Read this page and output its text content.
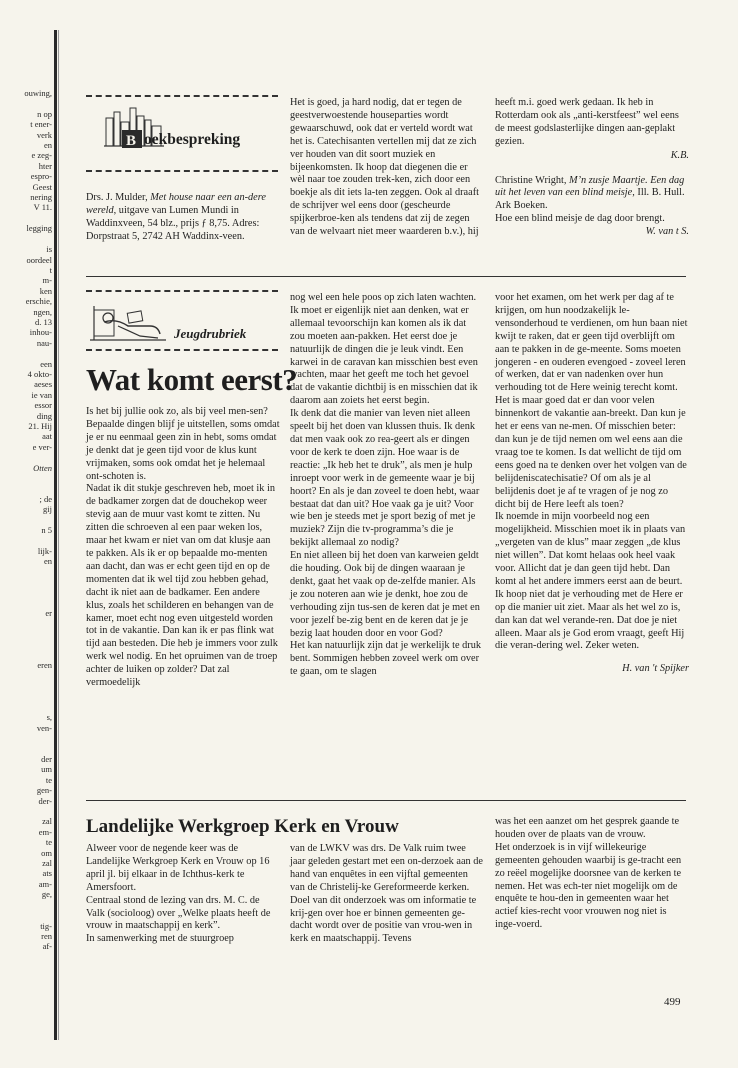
ouwing,

n op
t ener-
verk
en
e zeg-
hter
espro-
Geest
nering
V 11.

legging

is
oordeel
t
m-
ken
erschie,
ngen,
d. 13
inhou-
nau-

een
4 okto-
aeses
ie van
essor
ding
21. Hij
aat
e ver-

Otten

; de
gij

n 5

lijk-
en

er

eren

s,
ven-

der
um
te
gen-
der-

zal
em-
te
om
zal
ats
am-
ge,

tig-
ren
af-
B oekbespreking

Drs. J. Mulder, Met house naar een an-dere wereld, uitgave van Lumen Mundi in Waddinxveen, 54 blz., prijs ƒ 8,75. Adres: Dorpstraat 5, 2742 AH Waddinx-veen.

Het is goed, ja hard nodig, dat er tegen de geestverwoestende houseparties wordt gewaarschuwd, ook dat er verteld wordt wat het is. Catechisanten vertellen mij dat ze zich ver houden van dit soort muziek en bijeenkomsten. Ik hoop dat diegenen die er wèl naar toe zouden trek-ken, zich door een boekje als dit iets la-ten zeggen. Ook al draaft de schrijver wel eens door (gescheurde spijkerbroe-ken als tendens dat zij de zegen van de welvaart niet meer waarderen b.v.), hij

heeft m.i. goed werk gedaan. Ik heb in Rotterdam ook als „anti-kerstfeest” wel eens de meest godslasterlijke dingen aan-geplakt gezien.

K.B.

Christine Wright, M’n zusje Maartje. Een dag uit het leven van een blind meisje, Ill. B. Hull. Ark Boeken.

Hoe een blind meisje de dag door brengt.

W. van t S.

Jeugdrubriek
Wat komt eerst?

Is het bij jullie ook zo, als bij veel men-sen? Bepaalde dingen blijf je uitstellen, soms omdat je er nu eenmaal geen zin in hebt, soms omdat je denkt dat je geen tijd voor de klus kunt vrijmaken, soms ook omdat het je helemaal ont-schoten is.

Nadat ik dit stukje geschreven heb, moet ik in de badkamer zorgen dat de douchekop weer stevig aan de muur vast komt te zitten. Nu zitten die schroeven al een paar weken los, maar het kwam er niet van om dat klusje aan te pakken. Als ik er op bepaalde mo-menten aan dacht, dan was er echt geen tijd en op de momenten dat ik wel tijd zou hebben gehad, dacht ik niet aan de badkamer. Een andere klus, zoals het schilderen en behangen van de kamer, moet echt nog even uitgesteld worden tot in de vakantie. Dan kan ik er pas flink wat tijd aan besteden. Die heb je immers voor zulk werk wel nodig. En het opruimen van de troep achter de luiken op zolder? Dat zal vermoedelijk

nog wel een hele poos op zich laten wachten. Ik moet er eigenlijk niet aan denken, wat er allemaal tevoorschijn kan komen als ik dat zou moeten aan-pakken. Het eerst doe je natuurlijk de dingen die je leuk vindt. Een karwei in de caravan kan misschien best even wachten, maar het geeft me toch het gevoel dat de vakantie dichtbij is en misschien dat ik daarom aan zoiets het eerst begin.

Ik denk dat die manier van leven niet alleen speelt bij het doen van klussen thuis. Ik denk dat men vaak ook zo rea-geert als er dingen voor de kerk te doen zijn. Hoe waar is de reactie: „Ik heb het te druk”, als men je hulp inroept voor werk in de gemeente waar je bij hoort? En als je dan zoveel te doen hebt, waar bestaat dat dan uit? Hoe vaak ga je uit? Voor wie ben je steeds met je sport bezig of met je muziek? Zijn die tv-programma’s die je bekijkt allemaal zo nodig?

En niet alleen bij het doen van karweien geldt die houding. Ook bij de dingen waaraan je denkt, gaat het vaak op de-zelfde manier. Als je zou noteren aan wie je denkt, hoe zou de verhouding zijn tus-sen de keren dat je met en voor jezelf be-zig bent en de keren dat je je bezig laat houden door en voor God?

Het kan natuurlijk zijn dat je werkelijk te druk bent. Sommigen hebben zoveel werk om over te gaan, om te slagen

voor het examen, om het werk per dag af te krijgen, om hun noodzakelijk le-vensonderhoud te verdienen, om hun baan niet kwijt te raken, dat er geen tijd overblijft om aan te pakken in de ge-meente. Soms moeten jongeren - en ouderen evengoed - zoveel leren of werken, dat er van nadenken over hun verhouding tot de Here weinig terecht komt. Het is maar goed dat er dan voor velen binnenkort de vakantie aan-breekt. Dan kun je het er eens van ne-men. Of misschien beter: dan kun je de tijd nemen om wel eens aan die vraag toe te komen. Is dat wellicht de tijd om eens goed na te denken over het volgen van de belijdeniscatechisatie? Of om als je al belijdenis doet je af te vragen of je nog zo dicht bij de Here leeft als toen?

Ik noemde in mijn voorbeeld nog een mogelijkheid. Misschien moet ik in plaats van „vergeten van de klus” maar zeggen „de klus niet willen”. Dat komt helaas ook heel vaak voor. Allicht dat je dan geen tijd hebt. Dan komt al het andere immers eerst aan de beurt. Ik hoop niet dat je verhouding met de Here er op die manier uit ziet. Maar als het wel zo is, dan kan dat wel verande-ren. Dat doe je niet alleen. Maar als je God erom vraagt, geeft Hij die veran-dering wel. Zeker weten.

H. van 't Spijker

Landelijke Werkgroep Kerk en Vrouw

Alweer voor de negende keer was de Landelijke Werkgroep Kerk en Vrouw op 16 april jl. bij elkaar in de Ichthus-kerk te Amersfoort.

Centraal stond de lezing van drs. M. C. de Valk (socioloog) over „Welke plaats heeft de vrouw in maatschappij en kerk”.

In samenwerking met de stuurgroep

van de LWKV was drs. De Valk ruim twee jaar geleden gestart met een on-derzoek aan de hand van enquêtes in een vijftal gemeenten van de Christelij-ke Gereformeerde kerken. Doel van dit onderzoek was om informatie te krij-gen over hoe er binnen gemeenten ge-dacht wordt over de positie van vrou-wen in kerk en maatschappij. Tevens

was het een aanzet om het gesprek gaande te houden over de plaats van de vrouw.

Het onderzoek is in vijf willekeurige gemeenten gehouden waarbij is ge-tracht een zo reëel mogelijke doorsnee van de kerken te nemen. Het was ech-ter niet mogelijk om de enquête te hou-den in gemeenten waar het actief kies-recht voor vrouwen nog niet is inge-voerd.

499
